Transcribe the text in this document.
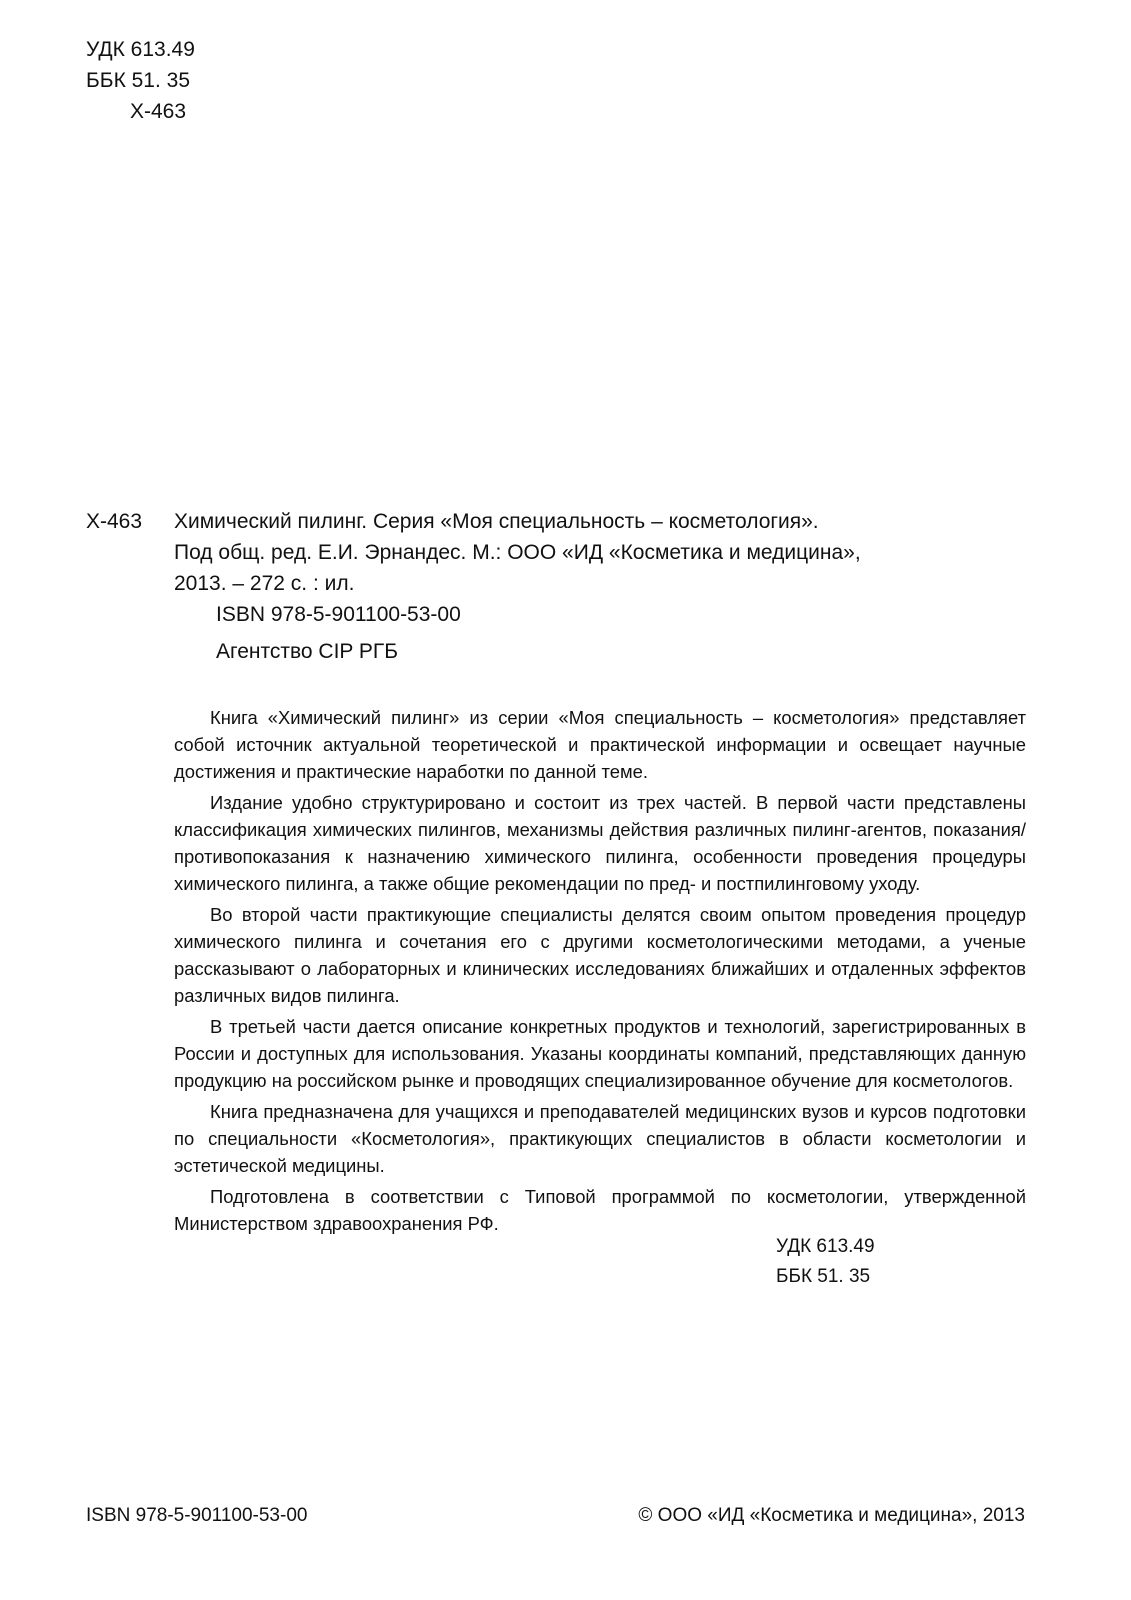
УДК 613.49
ББК 51. 35
Х-463
Х-463 Химический пилинг. Серия «Моя специальность – косметология».
Под общ. ред. Е.И. Эрнандес. М.: ООО «ИД «Косметика и медицина»,
2013. – 272 с. : ил.
ISBN 978-5-901100-53-00
Агентство CIP РГБ

Книга «Химический пилинг» из серии «Моя специальность – косметология» представляет собой источник актуальной теоретической и практической информации и освещает научные достижения и практические наработки по данной теме.

Издание удобно структурировано и состоит из трех частей. В первой части представлены классификация химических пилингов, механизмы действия различных пилинг-агентов, показания/противопоказания к назначению химического пилинга, особенности проведения процедуры химического пилинга, а также общие рекомендации по пред- и постпилинговому уходу.

Во второй части практикующие специалисты делятся своим опытом проведения процедур химического пилинга и сочетания его с другими косметологическими методами, а ученые рассказывают о лабораторных и клинических исследованиях ближайших и отдаленных эффектов различных видов пилинга.

В третьей части дается описание конкретных продуктов и технологий, зарегистрированных в России и доступных для использования. Указаны координаты компаний, представляющих данную продукцию на российском рынке и проводящих специализированное обучение для косметологов.

Книга предназначена для учащихся и преподавателей медицинских вузов и курсов подготовки по специальности «Косметология», практикующих специалистов в области косметологии и эстетической медицины.

Подготовлена в соответствии с Типовой программой по косметологии, утвержденной Министерством здравоохранения РФ.

УДК 613.49
ББК 51. 35
ISBN 978-5-901100-53-00	© ООО «ИД «Косметика и медицина», 2013
